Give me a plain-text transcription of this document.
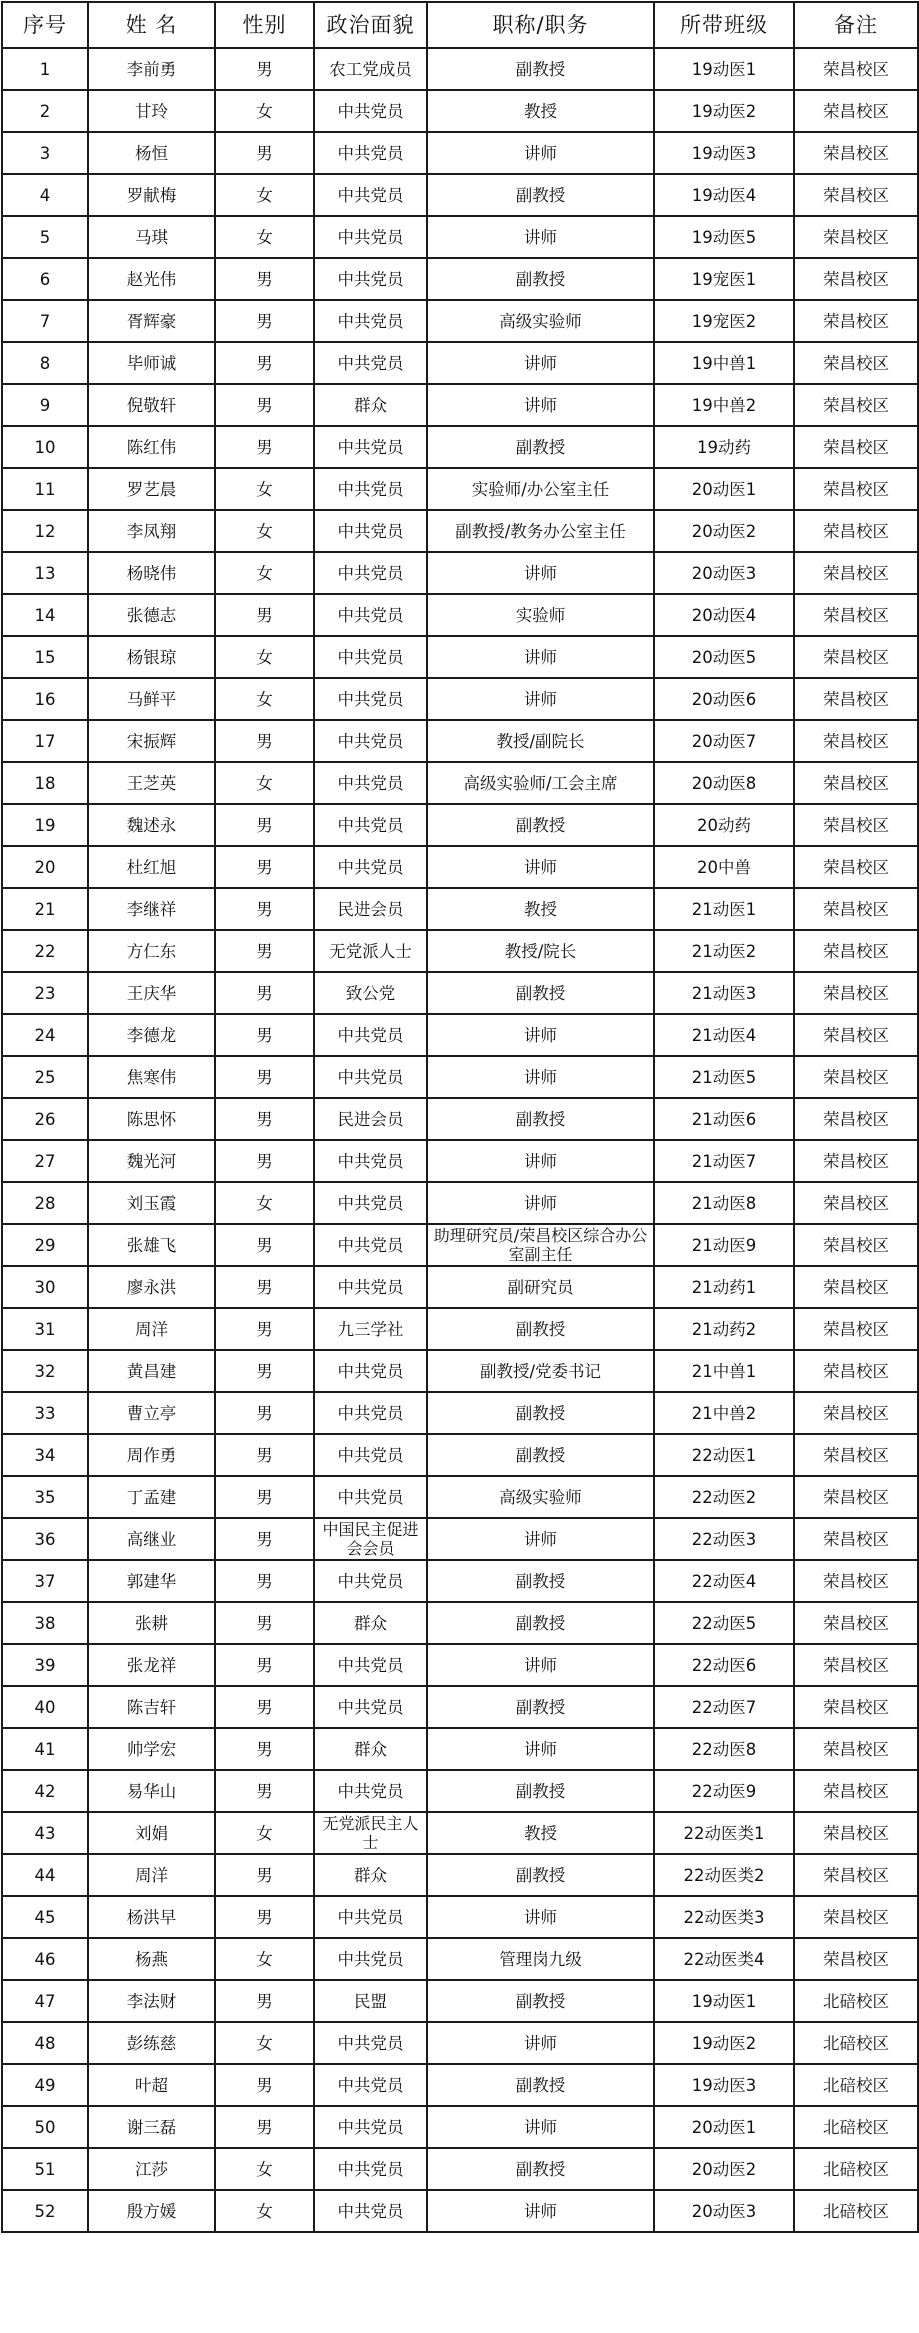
序号	姓 名	性别	政治面貌	职称/职务	所带班级	备注
1	李前勇	男	农工党成员	副教授	19动医1	荣昌校区
2	甘玲	女	中共党员	教授	19动医2	荣昌校区
3	杨恒	男	中共党员	讲师	19动医3	荣昌校区
4	罗献梅	女	中共党员	副教授	19动医4	荣昌校区
5	马琪	女	中共党员	讲师	19动医5	荣昌校区
6	赵光伟	男	中共党员	副教授	19宠医1	荣昌校区
7	胥辉豪	男	中共党员	高级实验师	19宠医2	荣昌校区
8	毕师诚	男	中共党员	讲师	19中兽1	荣昌校区
9	倪敬轩	男	群众	讲师	19中兽2	荣昌校区
10	陈红伟	男	中共党员	副教授	19动药	荣昌校区
11	罗艺晨	女	中共党员	实验师/办公室主任	20动医1	荣昌校区
12	李凤翔	女	中共党员	副教授/教务办公室主任	20动医2	荣昌校区
13	杨晓伟	女	中共党员	讲师	20动医3	荣昌校区
14	张德志	男	中共党员	实验师	20动医4	荣昌校区
15	杨银琼	女	中共党员	讲师	20动医5	荣昌校区
16	马鲜平	女	中共党员	讲师	20动医6	荣昌校区
17	宋振辉	男	中共党员	教授/副院长	20动医7	荣昌校区
18	王芝英	女	中共党员	高级实验师/工会主席	20动医8	荣昌校区
19	魏述永	男	中共党员	副教授	20动药	荣昌校区
20	杜红旭	男	中共党员	讲师	20中兽	荣昌校区
21	李继祥	男	民进会员	教授	21动医1	荣昌校区
22	方仁东	男	无党派人士	教授/院长	21动医2	荣昌校区
23	王庆华	男	致公党	副教授	21动医3	荣昌校区
24	李德龙	男	中共党员	讲师	21动医4	荣昌校区
25	焦寒伟	男	中共党员	讲师	21动医5	荣昌校区
26	陈思怀	男	民进会员	副教授	21动医6	荣昌校区
27	魏光河	男	中共党员	讲师	21动医7	荣昌校区
28	刘玉霞	女	中共党员	讲师	21动医8	荣昌校区
29	张雄飞	男	中共党员	助理研究员/荣昌校区综合办公室副主任	21动医9	荣昌校区
30	廖永洪	男	中共党员	副研究员	21动药1	荣昌校区
31	周洋	男	九三学社	副教授	21动药2	荣昌校区
32	黄昌建	男	中共党员	副教授/党委书记	21中兽1	荣昌校区
33	曹立亭	男	中共党员	副教授	21中兽2	荣昌校区
34	周作勇	男	中共党员	副教授	22动医1	荣昌校区
35	丁孟建	男	中共党员	高级实验师	22动医2	荣昌校区
36	高继业	男	中国民主促进会会员	讲师	22动医3	荣昌校区
37	郭建华	男	中共党员	副教授	22动医4	荣昌校区
38	张耕	男	群众	副教授	22动医5	荣昌校区
39	张龙祥	男	中共党员	讲师	22动医6	荣昌校区
40	陈吉轩	男	中共党员	副教授	22动医7	荣昌校区
41	帅学宏	男	群众	讲师	22动医8	荣昌校区
42	易华山	男	中共党员	副教授	22动医9	荣昌校区
43	刘娟	女	无党派民主人士	教授	22动医类1	荣昌校区
44	周洋	男	群众	副教授	22动医类2	荣昌校区
45	杨洪早	男	中共党员	讲师	22动医类3	荣昌校区
46	杨燕	女	中共党员	管理岗九级	22动医类4	荣昌校区
47	李法财	男	民盟	副教授	19动医1	北碚校区
48	彭练慈	女	中共党员	讲师	19动医2	北碚校区
49	叶超	男	中共党员	副教授	19动医3	北碚校区
50	谢三磊	男	中共党员	讲师	20动医1	北碚校区
51	江莎	女	中共党员	副教授	20动医2	北碚校区
52	殷方媛	女	中共党员	讲师	20动医3	北碚校区
